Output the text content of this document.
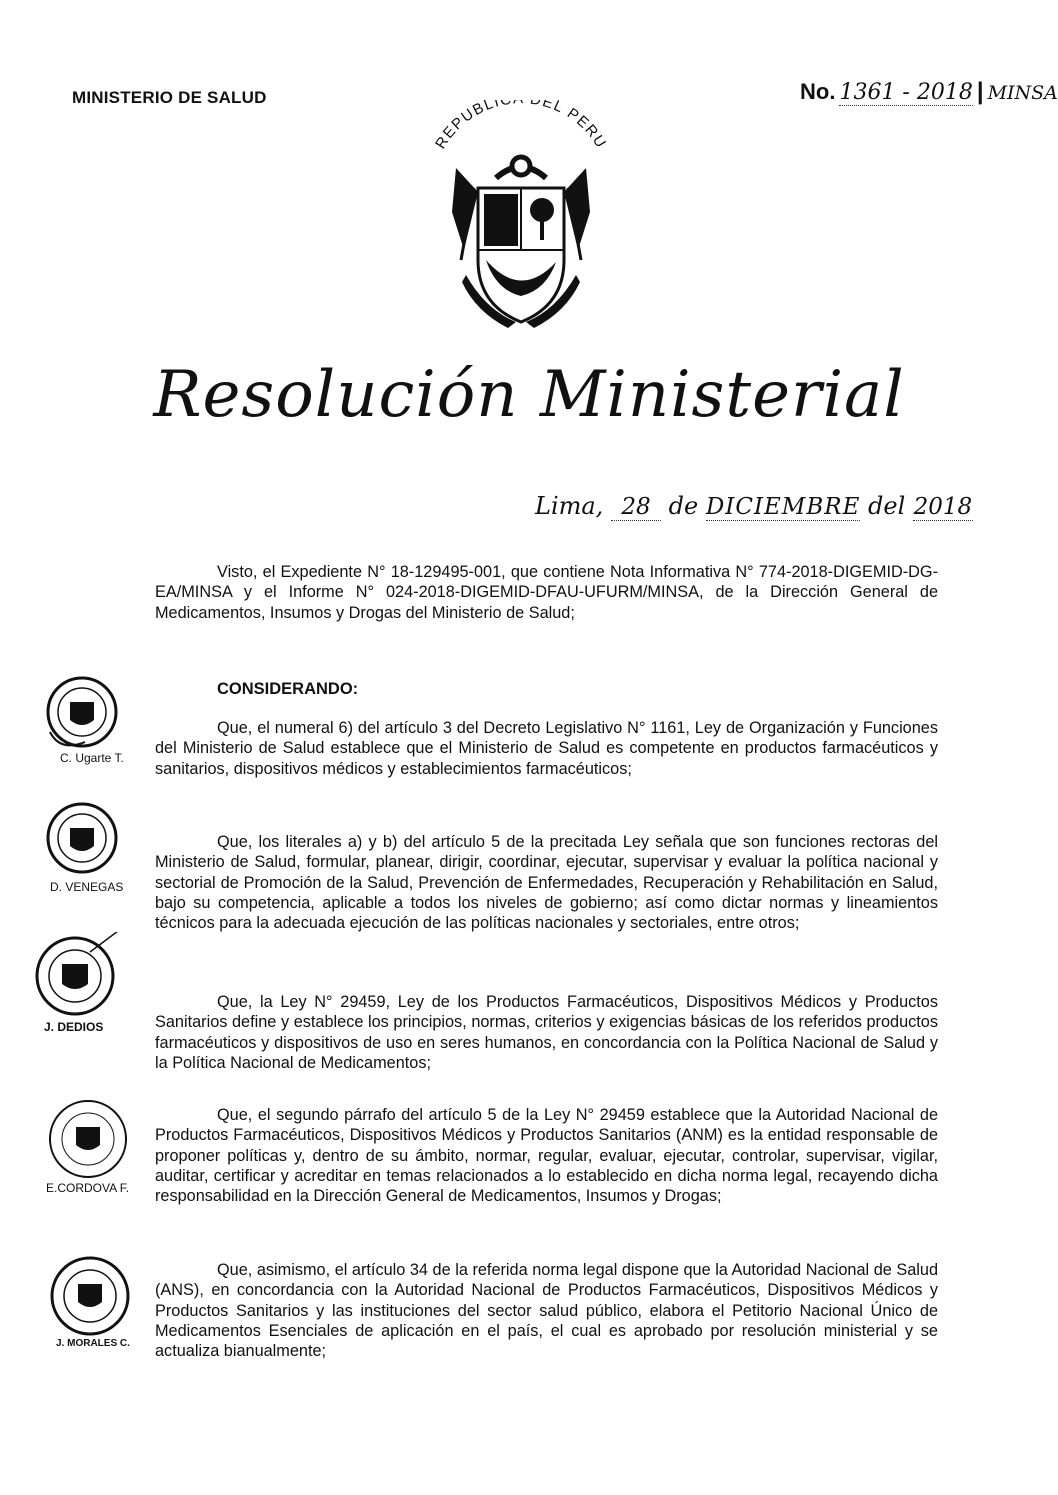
MINISTERIO DE SALUD	No. 1361 - 2018 | MINSA
REPUBLI DEL PERU
Resolución Ministerial
Lima, 28 de DICIEMBRE del 2018

Visto, el Expediente N° 18-129495-001, que contiene Nota Informativa N° 774-2018-DIGEMID-DG-EA/MINSA y el Informe N° 024-2018-DIGEMID-DFAU-UFURM/MINSA, de la Dirección General de Medicamentos, Insumos y Drogas del Ministerio de Salud;

CONSIDERANDO:

Que, el numeral 6) del artículo 3 del Decreto Legislativo N° 1161, Ley de Organización y Funciones del Ministerio de Salud establece que el Ministerio de Salud es competente en productos farmacéuticos y sanitarios, dispositivos médicos y establecimientos farmacéuticos;

Que, los literales a) y b) del artículo 5 de la precitada Ley señala que son funciones rectoras del Ministerio de Salud, formular, planear, dirigir, coordinar, ejecutar, supervisar y evaluar la política nacional y sectorial de Promoción de la Salud, Prevención de Enfermedades, Recuperación y Rehabilitación en Salud, bajo su competencia, aplicable a todos los niveles de gobierno; así como dictar normas y lineamientos técnicos para la adecuada ejecución de las políticas nacionales y sectoriales, entre otros;

Que, la Ley N° 29459, Ley de los Productos Farmacéuticos, Dispositivos Médicos y Productos Sanitarios define y establece los principios, normas, criterios y exigencias básicas de los referidos productos farmacéuticos y dispositivos de uso en seres humanos, en concordancia con la Política Nacional de Salud y la Política Nacional de Medicamentos;

Que, el segundo párrafo del artículo 5 de la Ley N° 29459 establece que la Autoridad Nacional de Productos Farmacéuticos, Dispositivos Médicos y Productos Sanitarios (ANM) es la entidad responsable de proponer políticas y, dentro de su ámbito, normar, regular, evaluar, ejecutar, controlar, supervisar, vigilar, auditar, certificar y acreditar en temas relacionados a lo establecido en dicha norma legal, recayendo dicha responsabilidad en la Dirección General de Medicamentos, Insumos y Drogas;

Que, asimismo, el artículo 34 de la referida norma legal dispone que la Autoridad Nacional de Salud (ANS), en concordancia con la Autoridad Nacional de Productos Farmacéuticos, Dispositivos Médicos y Productos Sanitarios y las instituciones del sector salud público, elabora el Petitorio Nacional Único de Medicamentos Esenciales de aplicación en el país, el cual es aprobado por resolución ministerial y se actualiza bianualmente;

C. Ugarte T.
D. VENEGAS
J. DEDIOS
E.CORDOVA F.
J. MORALES C.
